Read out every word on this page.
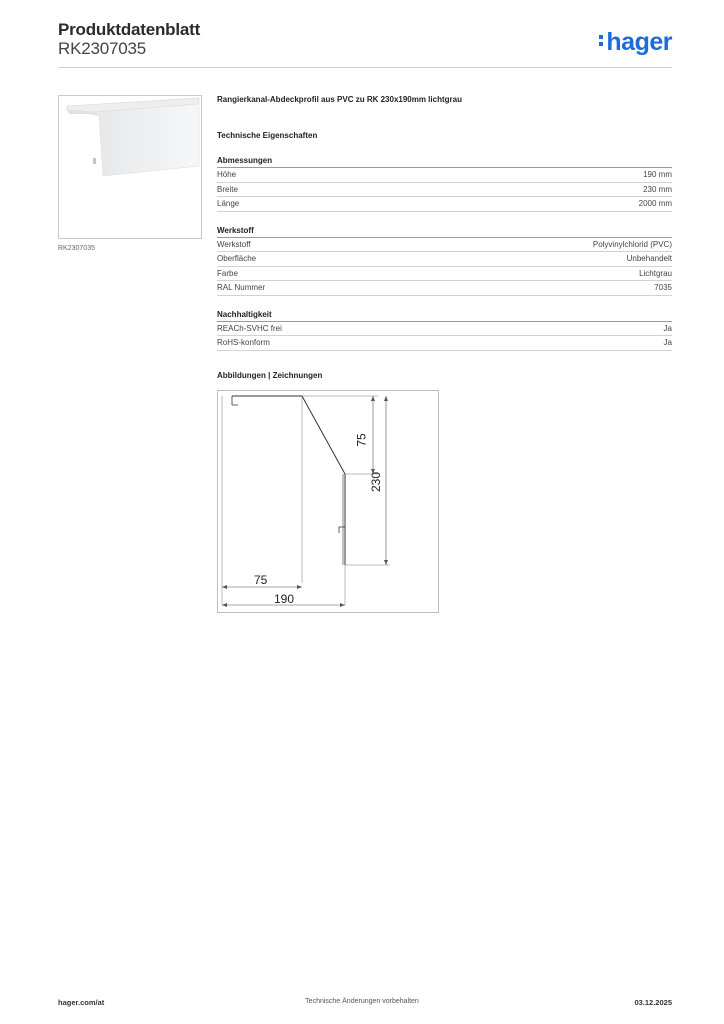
Produktdatenblatt
RK2307035	hager
RK2307035
Rangierkanal-Abdeckprofil aus PVC zu RK 230x190mm lichtgrau
Technische Eigenschaften
Abmessungen
Höhe	190 mm
Breite	230 mm
Länge	2000 mm
Werkstoff
Werkstoff	Polyvinylchlorid (PVC)
Oberfläche	Unbehandelt
Farbe	Lichtgrau
RAL Nummer	7035
Nachhaltigkeit
REACh-SVHC frei	Ja
RoHS-konform	Ja
Abbildungen | Zeichnungen
75
230
75
190
hager.com/at	Technische Änderungen vorbehalten	03.12.2025
